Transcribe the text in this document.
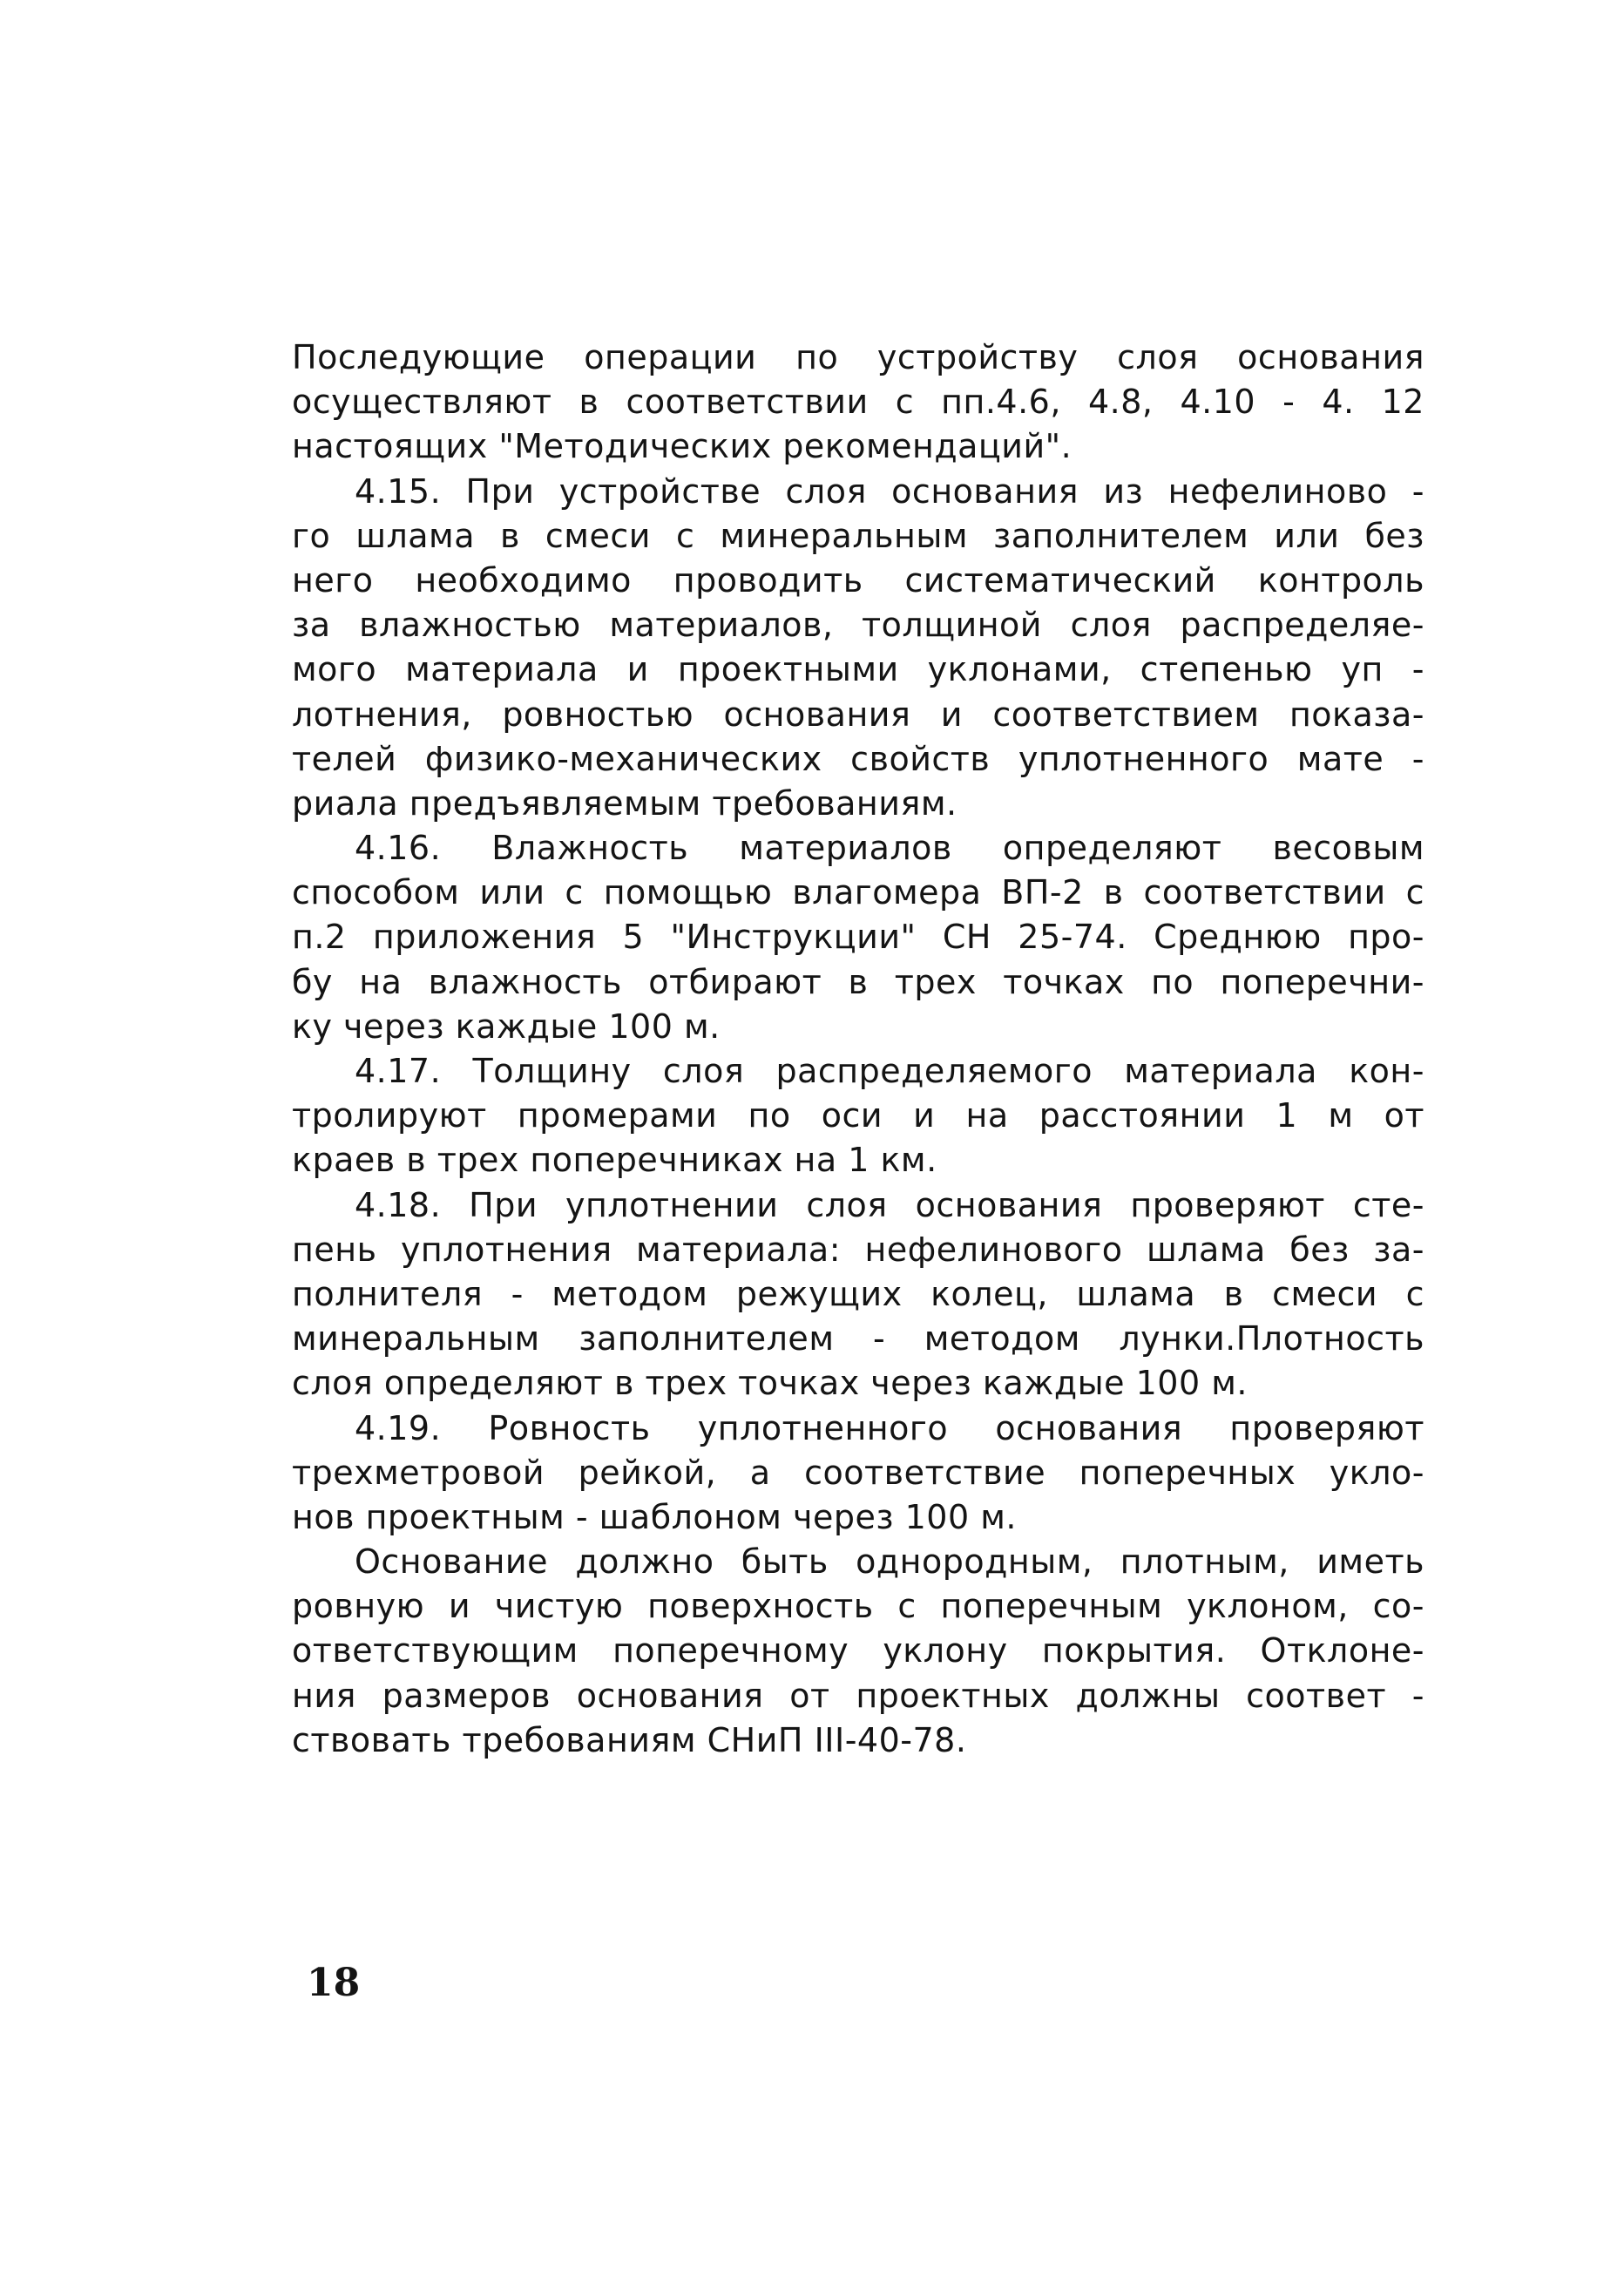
Последующие операции по устройству слоя основания
осуществляют в соответствии с пп.4.6, 4.8, 4.10 - 4. 12
настоящих "Методических рекомендаций".
4.15. При устройстве слоя основания из нефелиново -
го шлама в смеси с минеральным заполнителем или без
него необходимо проводить систематический контроль
за влажностью материалов, толщиной слоя распределяе-
мого материала и проектными уклонами, степенью уп -
лотнения, ровностью основания и соответствием показа-
телей физико-механических свойств уплотненного мате -
риала предъявляемым требованиям.
4.16. Влажность материалов определяют весовым
способом или с помощью влагомера ВП-2 в соответствии с
п.2 приложения 5 "Инструкции" СН 25-74. Среднюю про-
бу на влажность отбирают в трех точках по поперечни-
ку через каждые 100 м.
4.17. Толщину слоя распределяемого материала кон-
тролируют промерами по оси и на расстоянии 1 м от
краев в трех поперечниках на 1 км.
4.18. При уплотнении слоя основания проверяют сте-
пень уплотнения материала: нефелинового шлама без за-
полнителя - методом режущих колец, шлама в смеси с
минеральным заполнителем - методом лунки.Плотность
слоя определяют в трех точках через каждые 100 м.
4.19. Ровность уплотненного основания проверяют
трехметровой рейкой, а соответствие поперечных укло-
нов проектным - шаблоном через 100 м.
Основание должно быть однородным, плотным, иметь
ровную и чистую поверхность с поперечным уклоном, со-
ответствующим поперечному уклону покрытия. Отклоне-
ния размеров основания от проектных должны соответ -
ствовать требованиям СНиП III-40-78.
18
